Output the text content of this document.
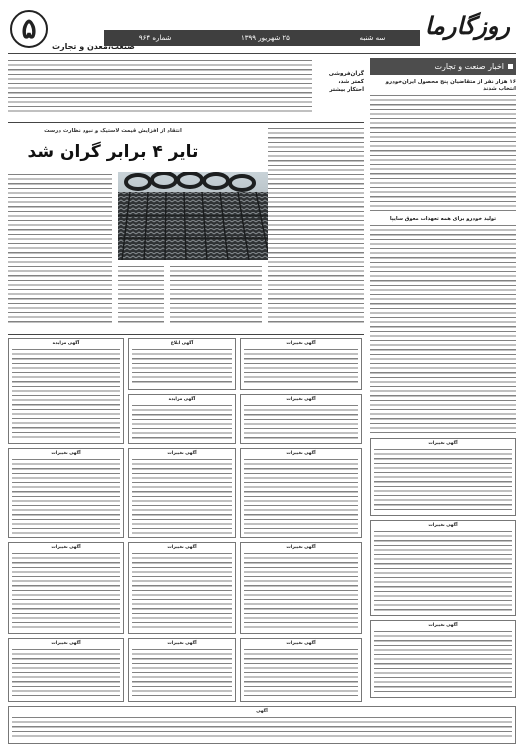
روزگارما
سه شنبه
۲۵ شهریور ۱۳۹۹
شماره ۹۶۴
صنعت،معدن و تجارت
۵
اخبار صنعت و تجارت
۱۶ هزار نفر از متقاضیان پنج محصول ایران‌خودرو انتخاب شدند
تولید خودرو برای همه تعهدات معوق سایپا
گران‌فروشی کمتر شد، احتکار بیشتر
انتقاد از افزایش قیمت لاستیک و نبود نظارت درست
تایر ۴ برابر گران شد
آگهی مزایده	آگهی ابلاغ
آگهی مزایده
آگهی تغییرات
آگهی تغییرات
آگهی تغییرات
آگهی تغییرات	آگهی تغییرات	آگهی تغییرات
آگهی تغییرات
آگهی تغییرات	آگهی تغییرات	آگهی تغییرات
آگهی تغییرات
آگهی تغییرات	آگهی تغییرات	آگهی تغییرات
آگهی
